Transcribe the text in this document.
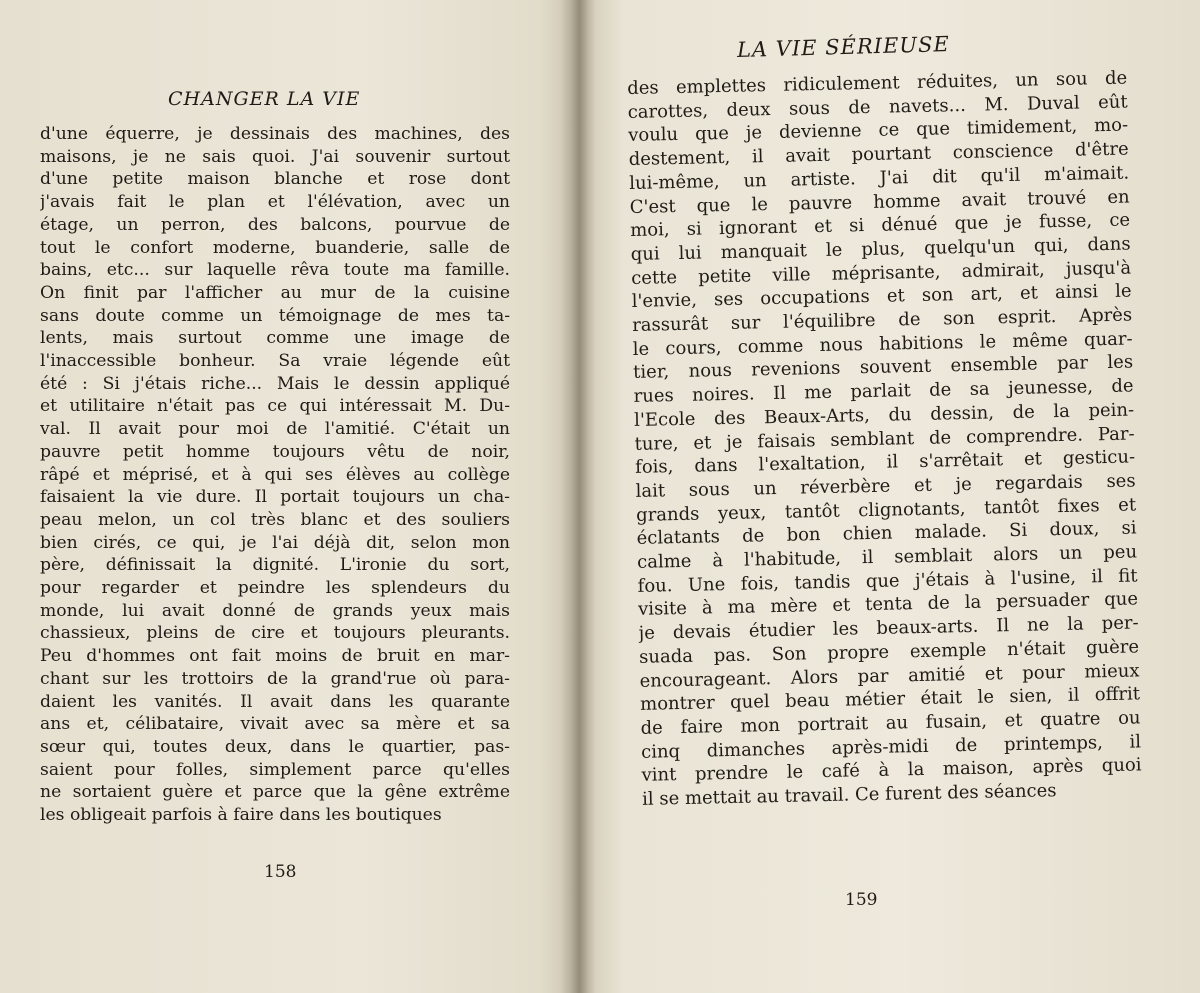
CHANGER LA VIE
d'une équerre, je dessinais des machines, des
maisons, je ne sais quoi. J'ai souvenir surtout
d'une petite maison blanche et rose dont
j'avais fait le plan et l'élévation, avec un
étage, un perron, des balcons, pourvue de
tout le confort moderne, buanderie, salle de
bains, etc... sur laquelle rêva toute ma famille.
On finit par l'afficher au mur de la cuisine
sans doute comme un témoignage de mes ta-
lents, mais surtout comme une image de
l'inaccessible bonheur. Sa vraie légende eût
été : Si j'étais riche... Mais le dessin appliqué
et utilitaire n'était pas ce qui intéressait M. Du-
val. Il avait pour moi de l'amitié. C'était un
pauvre petit homme toujours vêtu de noir,
râpé et méprisé, et à qui ses élèves au collège
faisaient la vie dure. Il portait toujours un cha-
peau melon, un col très blanc et des souliers
bien cirés, ce qui, je l'ai déjà dit, selon mon
père, définissait la dignité. L'ironie du sort,
pour regarder et peindre les splendeurs du
monde, lui avait donné de grands yeux mais
chassieux, pleins de cire et toujours pleurants.
Peu d'hommes ont fait moins de bruit en mar-
chant sur les trottoirs de la grand'rue où para-
daient les vanités. Il avait dans les quarante
ans et, célibataire, vivait avec sa mère et sa
sœur qui, toutes deux, dans le quartier, pas-
saient pour folles, simplement parce qu'elles
ne sortaient guère et parce que la gêne extrême
les obligeait parfois à faire dans les boutiques
158
LA VIE SÉRIEUSE
des emplettes ridiculement réduites, un sou de
carottes, deux sous de navets... M. Duval eût
voulu que je devienne ce que timidement, mo-
destement, il avait pourtant conscience d'être
lui-même, un artiste. J'ai dit qu'il m'aimait.
C'est que le pauvre homme avait trouvé en
moi, si ignorant et si dénué que je fusse, ce
qui lui manquait le plus, quelqu'un qui, dans
cette petite ville méprisante, admirait, jusqu'à
l'envie, ses occupations et son art, et ainsi le
rassurât sur l'équilibre de son esprit. Après
le cours, comme nous habitions le même quar-
tier, nous revenions souvent ensemble par les
rues noires. Il me parlait de sa jeunesse, de
l'Ecole des Beaux-Arts, du dessin, de la pein-
ture, et je faisais semblant de comprendre. Par-
fois, dans l'exaltation, il s'arrêtait et gesticu-
lait sous un réverbère et je regardais ses
grands yeux, tantôt clignotants, tantôt fixes et
éclatants de bon chien malade. Si doux, si
calme à l'habitude, il semblait alors un peu
fou. Une fois, tandis que j'étais à l'usine, il fit
visite à ma mère et tenta de la persuader que
je devais étudier les beaux-arts. Il ne la per-
suada pas. Son propre exemple n'était guère
encourageant. Alors par amitié et pour mieux
montrer quel beau métier était le sien, il offrit
de faire mon portrait au fusain, et quatre ou
cinq dimanches après-midi de printemps, il
vint prendre le café à la maison, après quoi
il se mettait au travail. Ce furent des séances
159
